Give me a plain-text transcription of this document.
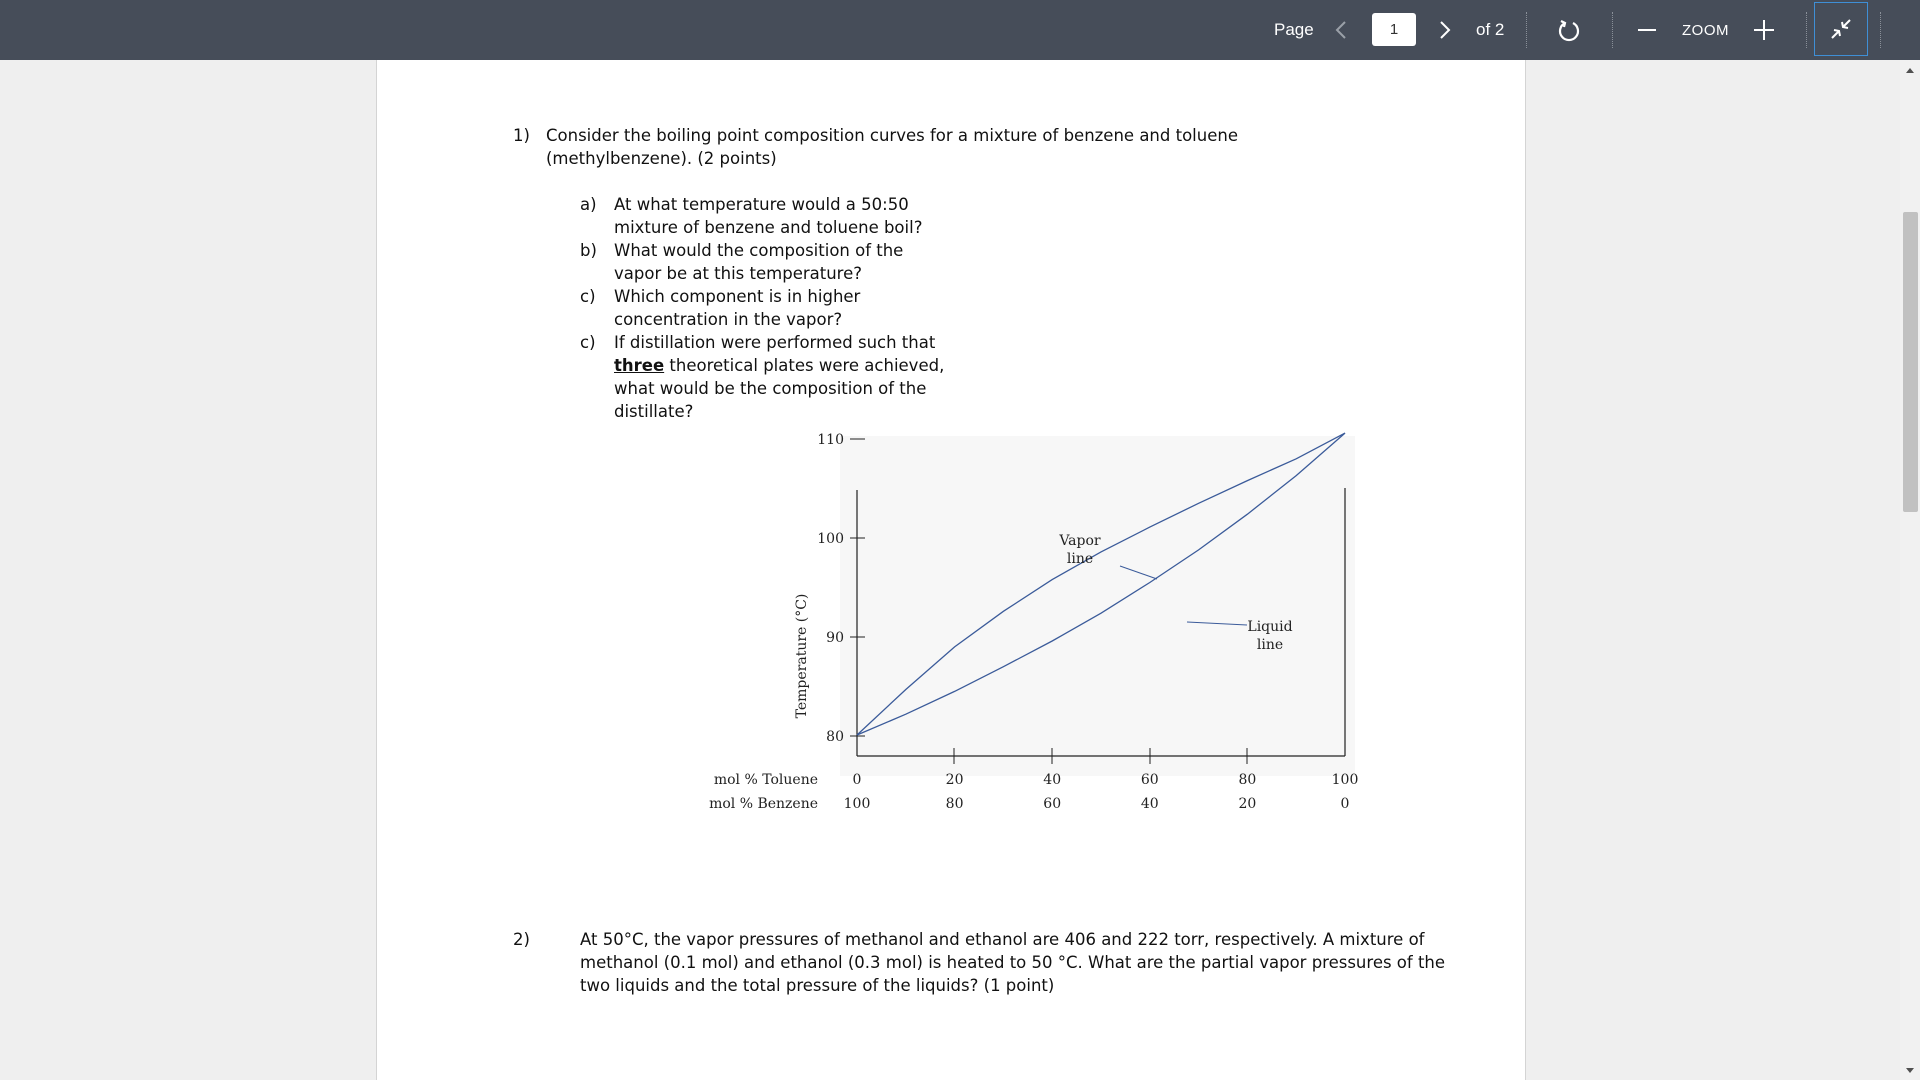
Page
1	of 2	ZOOM
1) Consider the boiling point composition curves for a mixture of benzene and toluene
(methylbenzene). (2 points)
a) At what temperature would a 50:50
mixture of benzene and toluene boil?
b) What would the composition of the
vapor be at this temperature?
c) Which component is in higher
concentration in the vapor?
c) If distillation were performed such that
three theoretical plates were achieved,
what would be the composition of the
distillate?
80
90
100
110
Temperature (°C)
mol % Toluene
mol % Benzene
0
100
20
80
40
60
60
40
80
20
100
0
Vapor
line
Liquid
line
2)	At 50°C, the vapor pressures of methanol and ethanol are 406 and 222 torr, respectively. A mixture of
methanol (0.1 mol) and ethanol (0.3 mol) is heated to 50 °C. What are the partial vapor pressures of the
two liquids and the total pressure of the liquids? (1 point)
